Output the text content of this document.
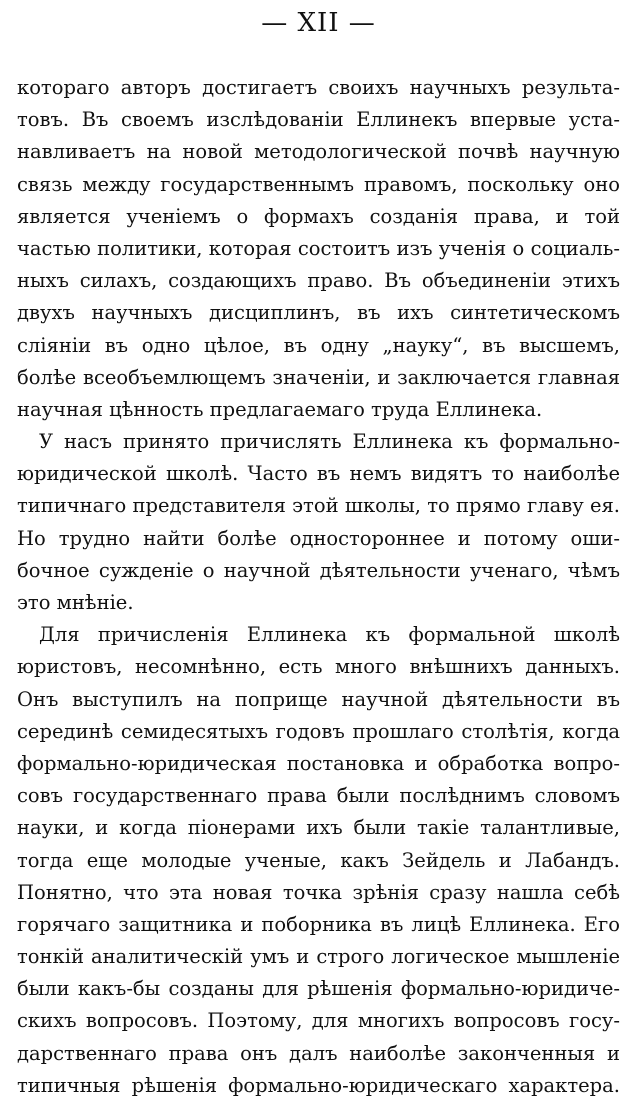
— XII —
котораго авторъ достигаетъ своихъ научныхъ результа-
товъ. Въ своемъ изслѣдованiи Еллинекъ впервые уста-
навливаетъ на новой методологической почвѣ научную
связь между государственнымъ правомъ, поскольку оно
является ученiемъ о формахъ созданiя права, и той
частью политики, которая состоитъ изъ ученiя о социаль-
ныхъ силахъ, создающихъ право. Въ объединенiи этихъ
двухъ научныхъ дисциплинъ, въ ихъ синтетическомъ
слiянiи въ одно цѣлое, въ одну „науку“, въ высшемъ,
болѣе всеобъемлющемъ значенiи, и заключается главная
научная цѣнность предлагаемаго труда Еллинека.
У насъ принято причислять Еллинека къ формально-
юридической школѣ. Часто въ немъ видятъ то наиболѣе
типичнаго представителя этой школы, то прямо главу ея.
Но трудно найти болѣе одностороннее и потому оши-
бочное сужденiе о научной дѣятельности ученаго, чѣмъ
это мнѣнiе.
Для причисленiя Еллинека къ формальной школѣ
юристовъ, несомнѣнно, есть много внѣшнихъ данныхъ.
Онъ выступилъ на поприще научной дѣятельности въ
серединѣ семидесятыхъ годовъ прошлаго столѣтiя, когда
формально-юридическая постановка и обработка вопро-
совъ государственнаго права были послѣднимъ словомъ
науки, и когда пiонерами ихъ были такiе талантливые,
тогда еще молодые ученые, какъ Зейдель и Лабандъ.
Понятно, что эта новая точка зрѣнiя сразу нашла себѣ
горячаго защитника и поборника въ лицѣ Еллинека. Его
тонкiй аналитическiй умъ и строго логическое мышленiе
были какъ-бы созданы для рѣшенiя формально-юридиче-
скихъ вопросовъ. Поэтому, для многихъ вопросовъ госу-
дарственнаго права онъ далъ наиболѣе законченныя и
типичныя рѣшенiя формально-юридическаго характера.
